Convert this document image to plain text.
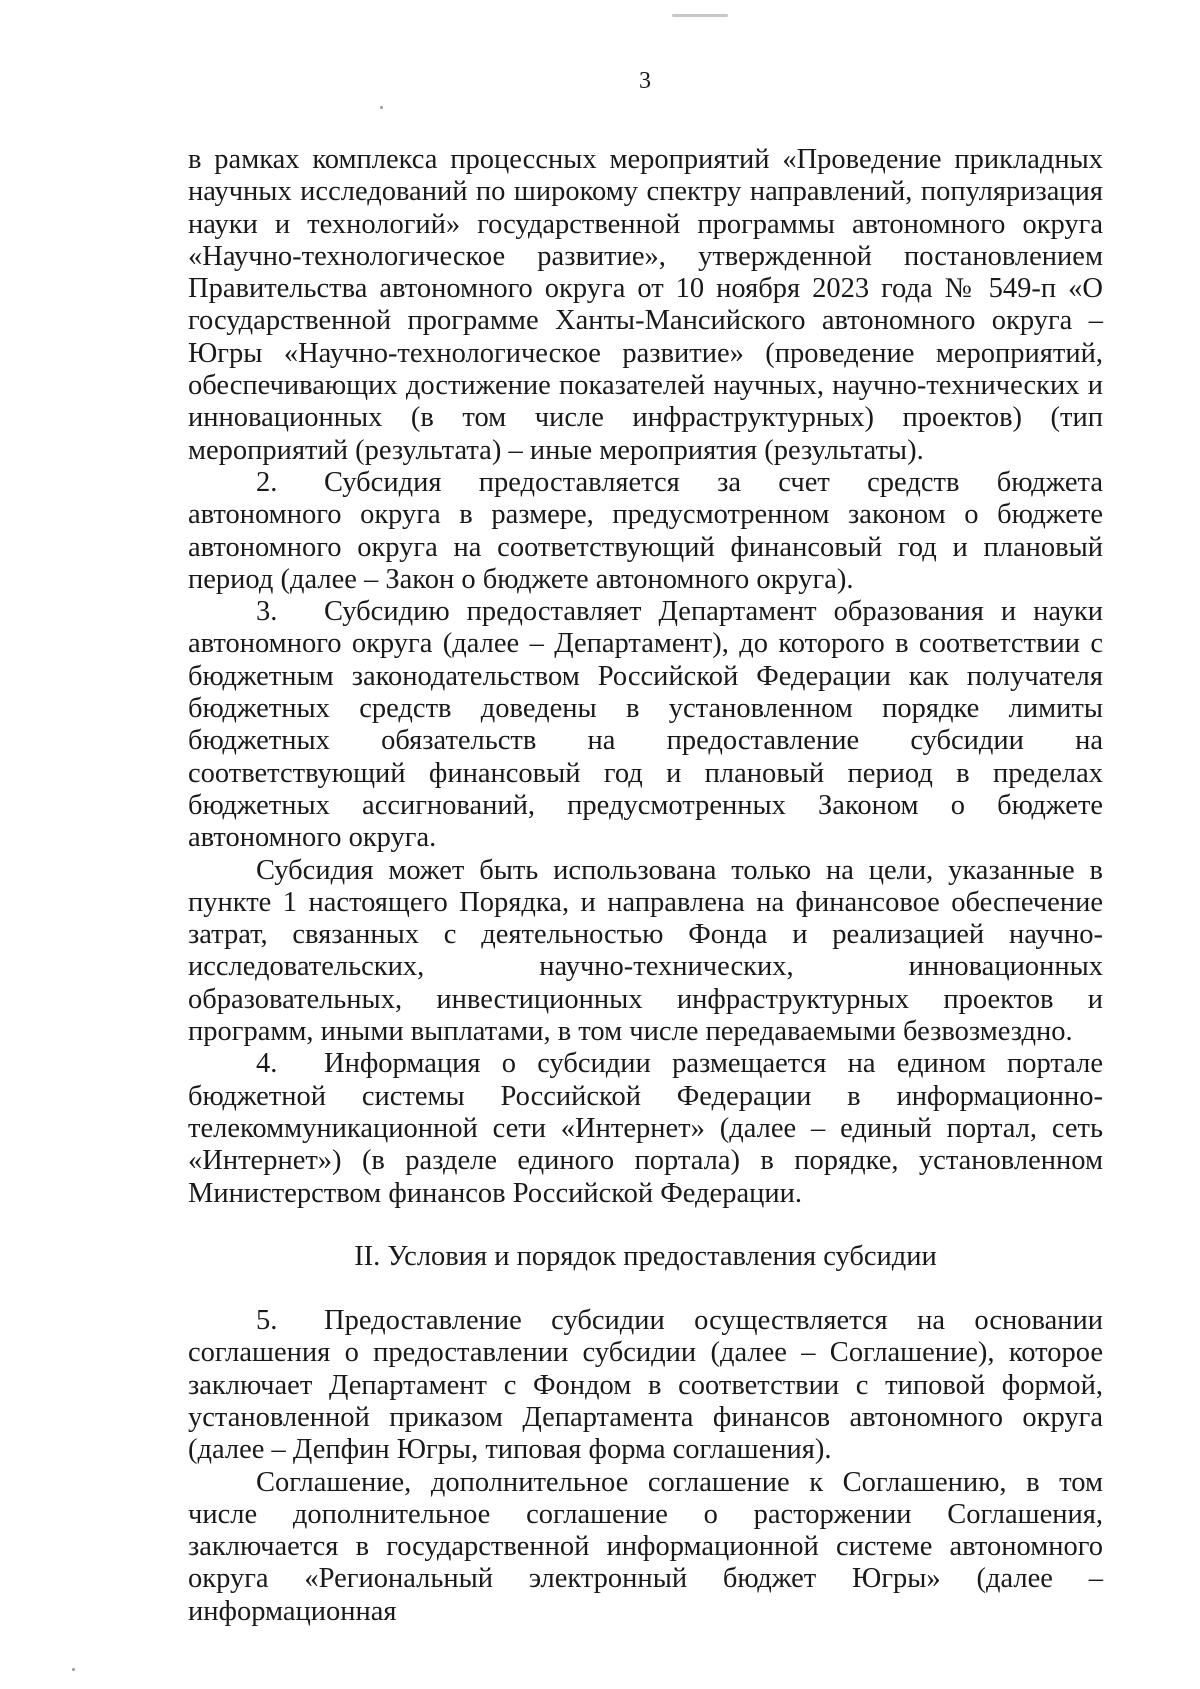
3

в рамках комплекса процессных мероприятий «Проведение прикладных научных исследований по широкому спектру направлений, популяризация науки и технологий» государственной программы автономного округа «Научно-технологическое развитие», утвержденной постановлением Правительства автономного округа от 10 ноября 2023 года № 549-п «О государственной программе Ханты-Мансийского автономного округа – Югры «Научно-технологическое развитие» (проведение мероприятий, обеспечивающих достижение показателей научных, научно-технических и инновационных (в том числе инфраструктурных) проектов) (тип мероприятий (результата) – иные мероприятия (результаты).

2. Субсидия предоставляется за счет средств бюджета автономного округа в размере, предусмотренном законом о бюджете автономного округа на соответствующий финансовый год и плановый период (далее – Закон о бюджете автономного округа).

3. Субсидию предоставляет Департамент образования и науки автономного округа (далее – Департамент), до которого в соответствии с бюджетным законодательством Российской Федерации как получателя бюджетных средств доведены в установленном порядке лимиты бюджетных обязательств на предоставление субсидии на соответствующий финансовый год и плановый период в пределах бюджетных ассигнований, предусмотренных Законом о бюджете автономного округа.

Субсидия может быть использована только на цели, указанные в пункте 1 настоящего Порядка, и направлена на финансовое обеспечение затрат, связанных с деятельностью Фонда и реализацией научно-исследовательских, научно-технических, инновационных образовательных, инвестиционных инфраструктурных проектов и программ, иными выплатами, в том числе передаваемыми безвозмездно.

4. Информация о субсидии размещается на едином портале бюджетной системы Российской Федерации в информационно-телекоммуникационной сети «Интернет» (далее – единый портал, сеть «Интернет») (в разделе единого портала) в порядке, установленном Министерством финансов Российской Федерации.

II. Условия и порядок предоставления субсидии

5. Предоставление субсидии осуществляется на основании соглашения о предоставлении субсидии (далее – Соглашение), которое заключает Департамент с Фондом в соответствии с типовой формой, установленной приказом Департамента финансов автономного округа (далее – Депфин Югры, типовая форма соглашения).

Соглашение, дополнительное соглашение к Соглашению, в том числе дополнительное соглашение о расторжении Соглашения, заключается в государственной информационной системе автономного округа «Региональный электронный бюджет Югры» (далее – информационная
